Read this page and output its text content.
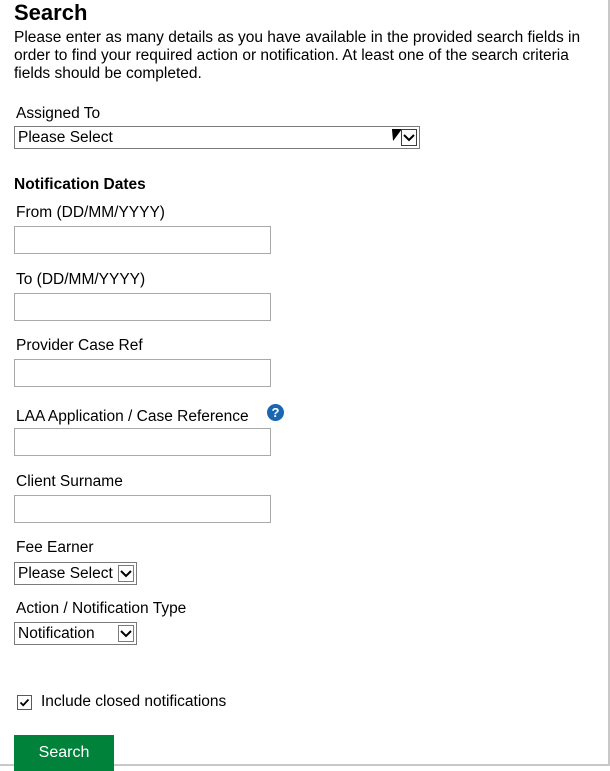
Search

Please enter as many details as you have available in the provided search fields in order to find your required action or notification. At least one of the search criteria fields should be completed.

Assigned To
Please Select
Notification Dates
From (DD/MM/YYYY)
To (DD/MM/YYYY)
Provider Case Ref
LAA Application / Case Reference	?
Client Surname
Fee Earner
Please Select
Action / Notification Type
Notification
Include closed notifications
Search
